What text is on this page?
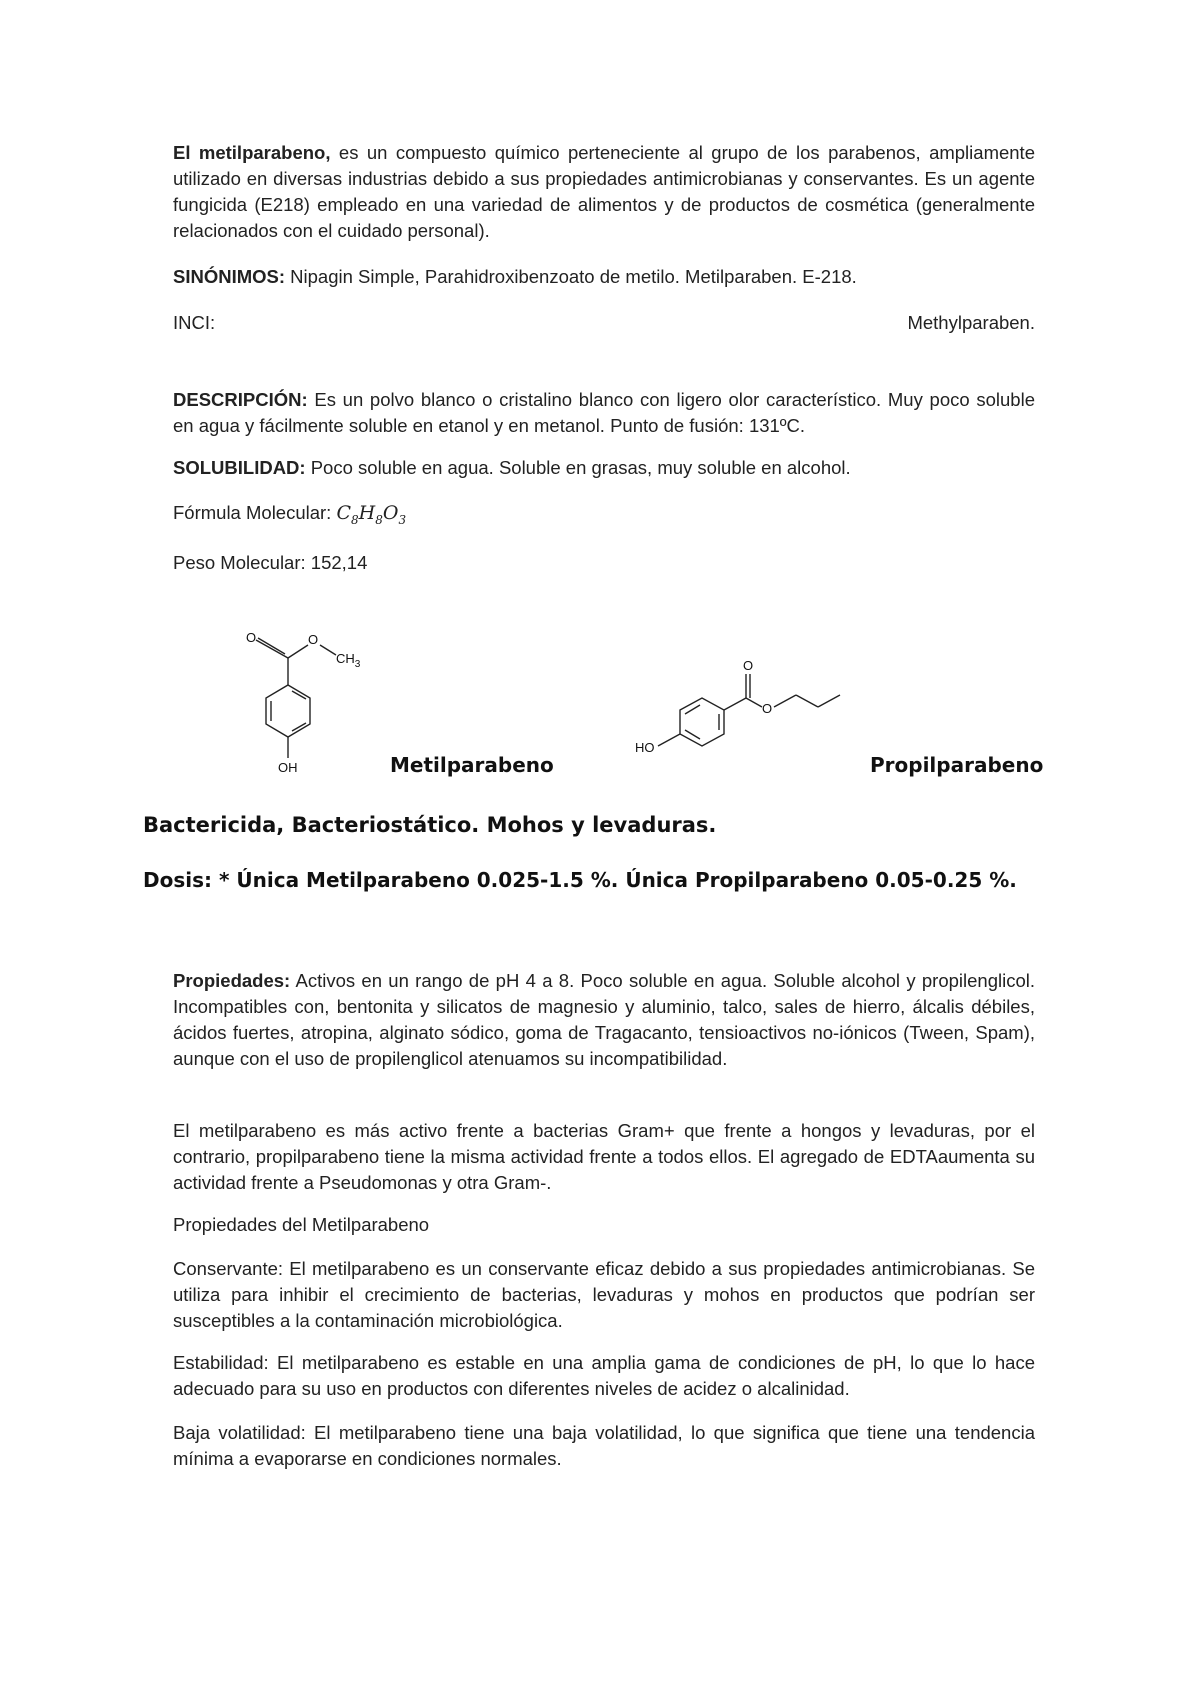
El metilparabeno, es un compuesto químico perteneciente al grupo de los parabenos, ampliamente utilizado en diversas industrias debido a sus propiedades antimicrobianas y conservantes. Es un agente fungicida (E218) empleado en una variedad de alimentos y de productos de cosmética (generalmente relacionados con el cuidado personal).

SINÓNIMOS: Nipagin Simple, Parahidroxibenzoato de metilo. Metilparaben. E-218.

INCI:	Methylparaben.

DESCRIPCIÓN: Es un polvo blanco o cristalino blanco con ligero olor característico. Muy poco soluble en agua y fácilmente soluble en etanol y en metanol. Punto de fusión: 131ºC.

SOLUBILIDAD: Poco soluble en agua. Soluble en grasas, muy soluble en alcohol.

Fórmula Molecular: $C_8H_8O_3$

Peso Molecular: 152,14

O	O
$CH_3$
OH	Metilparabeno
O
O
HO
Propilparabeno
Bactericida, Bacteriostático. Mohos y levaduras.
Dosis: * Única Metilparabeno 0.025-1.5 %. Única Propilparabeno 0.05-0.25 %.

Propiedades: Activos en un rango de pH 4 a 8. Poco soluble en agua. Soluble alcohol y propilenglicol. Incompatibles con, bentonita y silicatos de magnesio y aluminio, talco, sales de hierro, álcalis débiles, ácidos fuertes, atropina, alginato sódico, goma de Tragacanto, tensioactivos no-iónicos (Tween, Spam), aunque con el uso de propilenglicol atenuamos su incompatibilidad.

El metilparabeno es más activo frente a bacterias Gram+ que frente a hongos y levaduras, por el contrario, propilparabeno tiene la misma actividad frente a todos ellos. El agregado de EDTAaumenta su actividad frente a Pseudomonas y otra Gram-.

Propiedades del Metilparabeno

Conservante: El metilparabeno es un conservante eficaz debido a sus propiedades antimicrobianas. Se utiliza para inhibir el crecimiento de bacterias, levaduras y mohos en productos que podrían ser susceptibles a la contaminación microbiológica.

Estabilidad: El metilparabeno es estable en una amplia gama de condiciones de pH, lo que lo hace adecuado para su uso en productos con diferentes niveles de acidez o alcalinidad.

Baja volatilidad: El metilparabeno tiene una baja volatilidad, lo que significa que tiene una tendencia mínima a evaporarse en condiciones normales.
